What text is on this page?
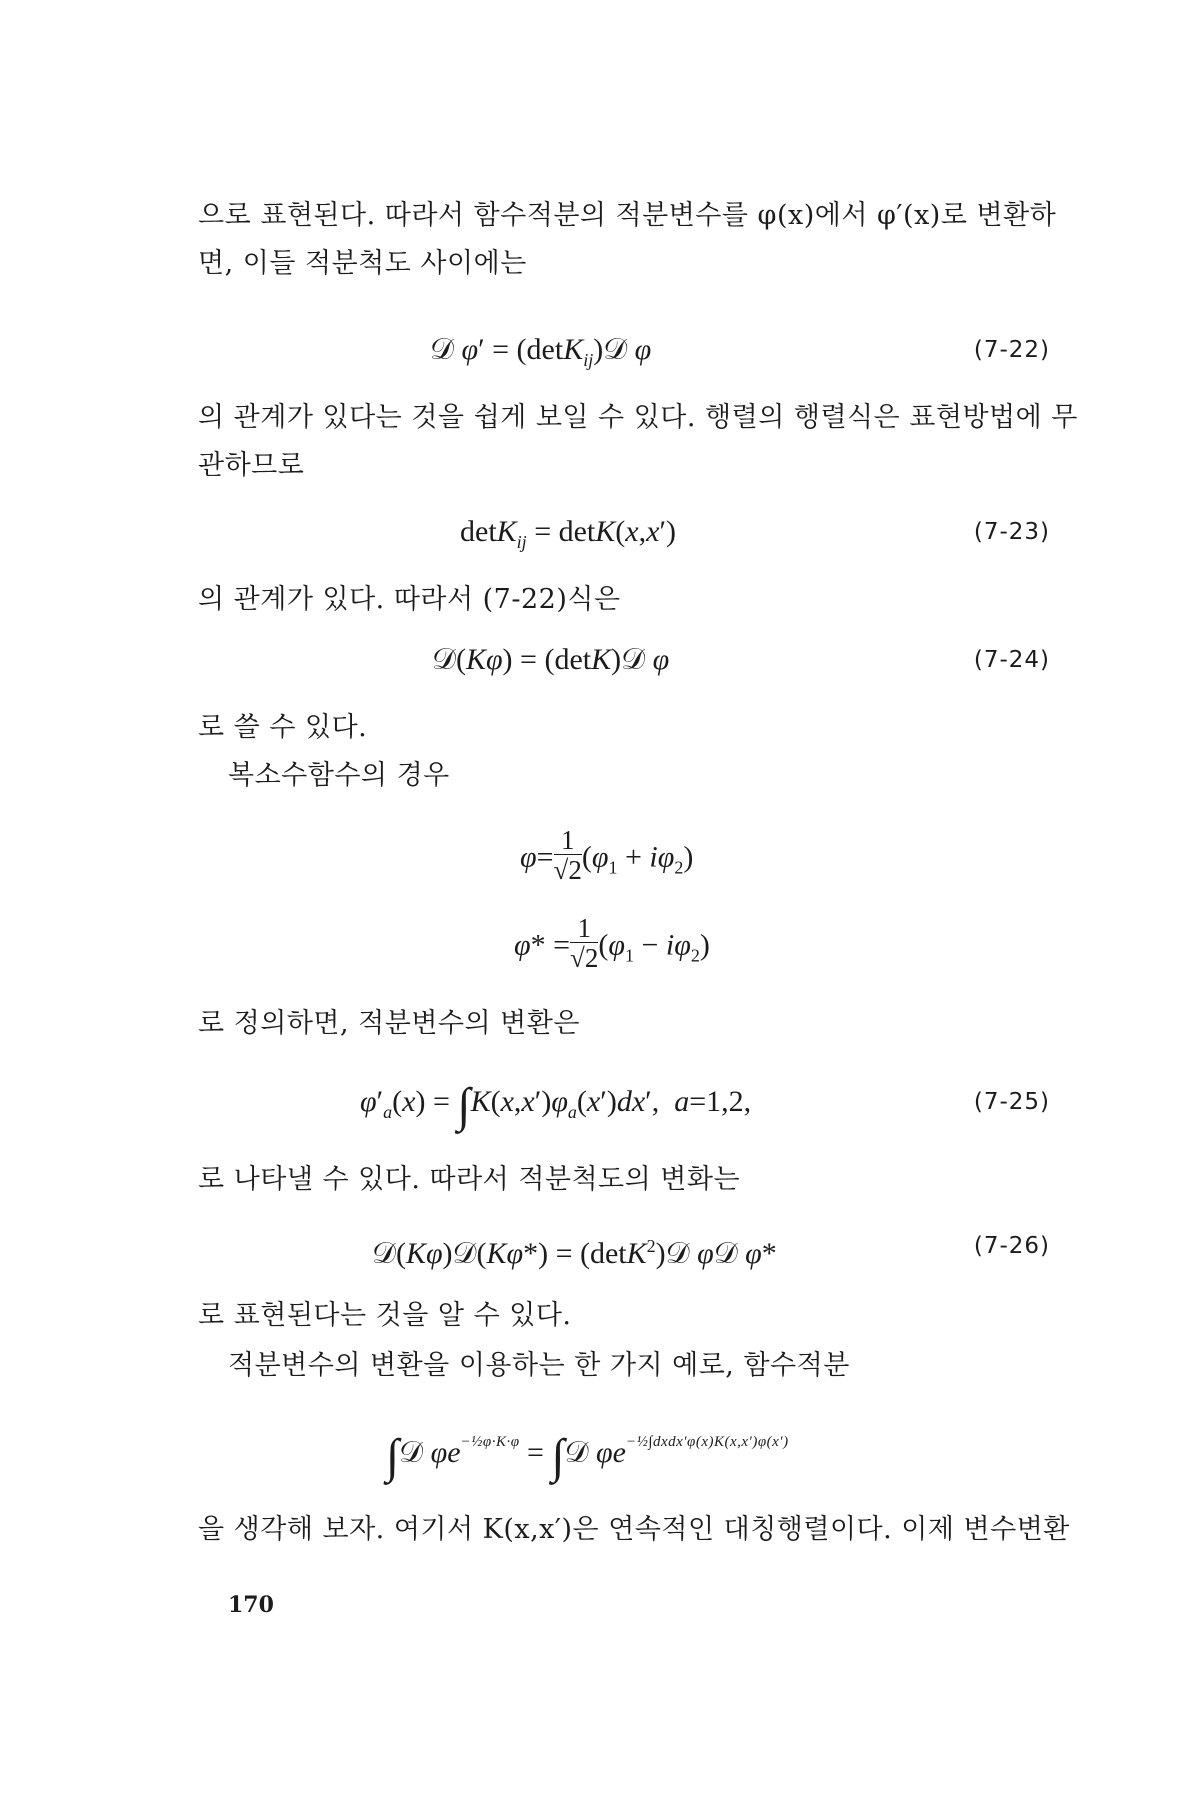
으로 표현된다. 따라서 함수적분의 적분변수를 φ(x)에서 φ′(x)로 변환하
면, 이들 적분척도 사이에는
𝒟 φ′ = (detK$_{ij}$)𝒟 φ	(7-22)
의 관계가 있다는 것을 쉽게 보일 수 있다. 행렬의 행렬식은 표현방법에 무
관하므로
detK$_{ij}$ = detK(x,x′)	(7-23)
의 관계가 있다. 따라서 (7-22)식은
𝒟(Kφ) = (detK)𝒟 φ	(7-24)
로 쓸 수 있다.
복소수함수의 경우
$\varphi= \frac{1}{√2} (\varphi_1 + i\varphi_2)$
$\varphi* = \frac{1}{√2} (\varphi_1 - i\varphi_2)$
로 정의하면, 적분변수의 변환은
$\varphi'_a(x) = \int K(x,x')\varphi_a(x')dx'$,  a=1,2,	(7-25)
로 나타낼 수 있다. 따라서 적분척도의 변화는
𝒟(Kφ)𝒟(Kφ*) = (detK$^2$)𝒟 φ𝒟 φ*	(7-26)
로 표현된다는 것을 알 수 있다.
적분변수의 변환을 이용하는 한 가지 예로, 함수적분
∫𝒟 $\varphi e^{-\frac{1}{2}\varphi\cdot K\cdot\varphi}$ = ∫𝒟 $\varphi e^{-\frac{1}{2}\int dxdx'\varphi(x)K(x,x')\varphi(x')}$
을 생각해 보자. 여기서 K(x,x′)은 연속적인 대칭행렬이다. 이제 변수변환
170
